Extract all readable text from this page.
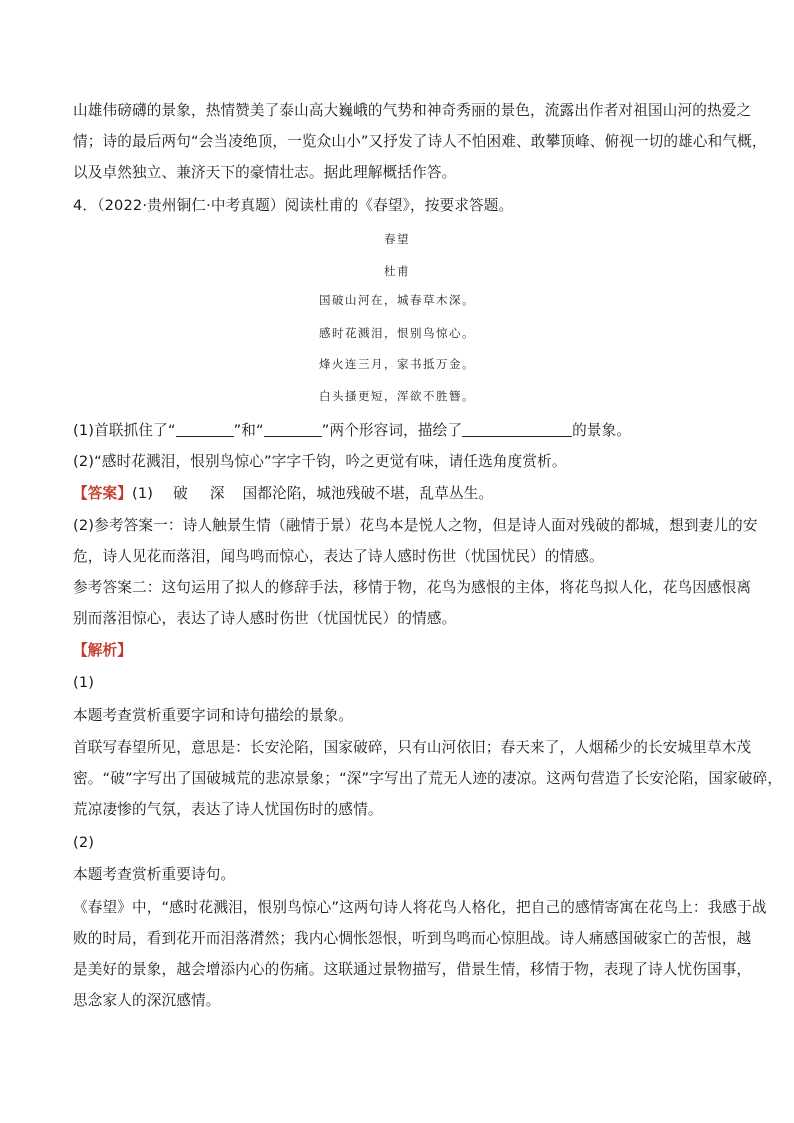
山雄伟磅礴的景象，热情赞美了泰山高大巍峨的气势和神奇秀丽的景色，流露出作者对祖国山河的热爱之
情；诗的最后两句“会当凌绝顶，一览众山小”又抒发了诗人不怕困难、敢攀顶峰、俯视一切的雄心和气概，
以及卓然独立、兼济天下的豪情壮志。据此理解概括作答。
4．（2022·贵州铜仁·中考真题）阅读杜甫的《春望》，按要求答题。
春望
杜甫
国破山河在，城春草木深。
感时花溅泪，恨别鸟惊心。
烽火连三月，家书抵万金。
白头搔更短，浑欲不胜簪。
(1)首联抓住了“	”和“	”两个形容词，描绘了	的景象。
(2)“感时花溅泪，恨别鸟惊心”字字千钧，吟之更觉有味，请任选角度赏析。
【答案】(1) 破 深 国都沦陷，城池残破不堪，乱草丛生。
(2)参考答案一：诗人触景生情（融情于景）花鸟本是悦人之物，但是诗人面对残破的都城，想到妻儿的安
危，诗人见花而落泪，闻鸟鸣而惊心，表达了诗人感时伤世（忧国忧民）的情感。
参考答案二：这句运用了拟人的修辞手法，移情于物，花鸟为感恨的主体，将花鸟拟人化，花鸟因感恨离
别而落泪惊心，表达了诗人感时伤世（忧国忧民）的情感。
【解析】
(1)
本题考查赏析重要字词和诗句描绘的景象。
首联写春望所见，意思是：长安沦陷，国家破碎，只有山河依旧；春天来了，人烟稀少的长安城里草木茂
密。“破”字写出了国破城荒的悲凉景象；“深”字写出了荒无人迹的凄凉。这两句营造了长安沦陷，国家破碎，
荒凉凄惨的气氛，表达了诗人忧国伤时的感情。
(2)
本题考查赏析重要诗句。
《春望》中，“感时花溅泪，恨别鸟惊心”这两句诗人将花鸟人格化，把自己的感情寄寓在花鸟上：我感于战
败的时局，看到花开而泪落潸然；我内心惆怅怨恨，听到鸟鸣而心惊胆战。诗人痛感国破家亡的苦恨，越
是美好的景象，越会增添内心的伤痛。这联通过景物描写，借景生情，移情于物，表现了诗人忧伤国事，
思念家人的深沉感情。
